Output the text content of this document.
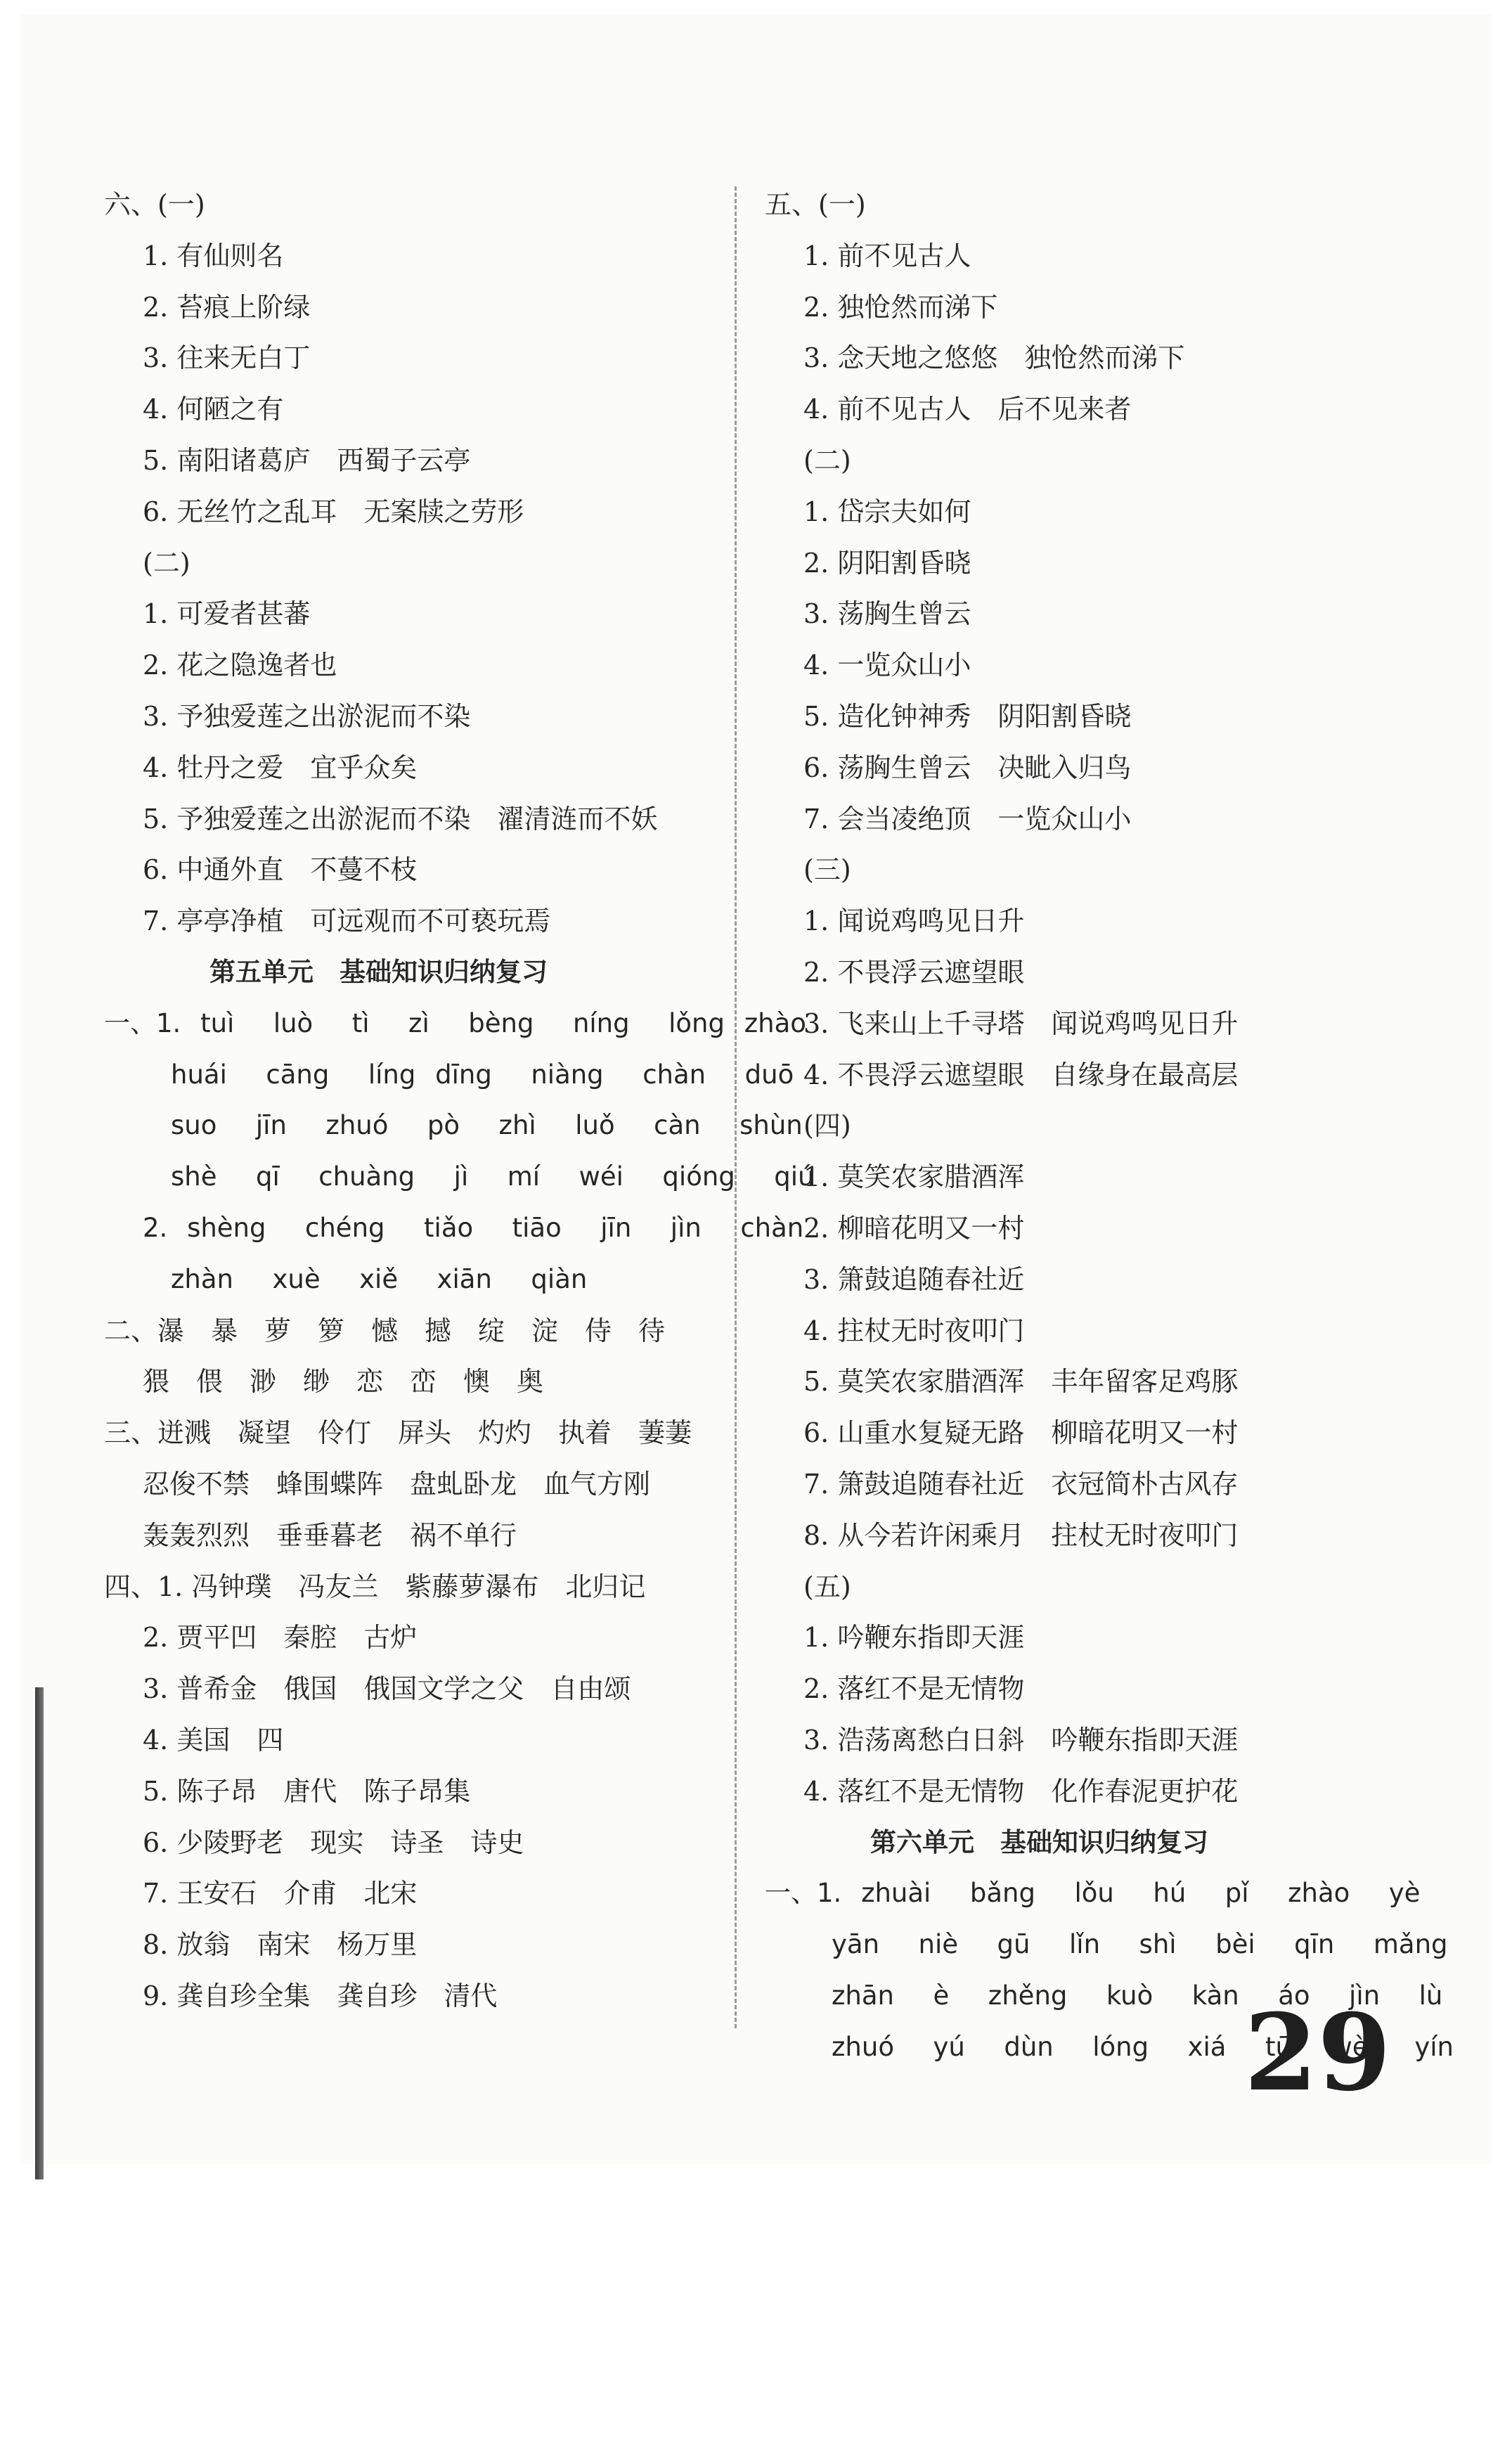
六、(一)
1. 有仙则名
2. 苔痕上阶绿
3. 往来无白丁
4. 何陋之有
5. 南阳诸葛庐　西蜀子云亭
6. 无丝竹之乱耳　无案牍之劳形
(二)
1. 可爱者甚蕃
2. 花之隐逸者也
3. 予独爱莲之出淤泥而不染
4. 牡丹之爱　宜乎众矣
5. 予独爱莲之出淤泥而不染　濯清涟而不妖
6. 中通外直　不蔓不枝
7. 亭亭净植　可远观而不可亵玩焉
第五单元　基础知识归纳复习
一、1. tuì  luò  tì  zì  bèng  níng  lǒng zhào
huái  cāng  líng dīng  niàng  chàn  duō
suo  jīn  zhuó  pò  zhì  luǒ  càn  shùn
shè  qī  chuàng  jì  mí  wéi  qióng  qiú
2. shèng  chéng  tiǎo  tiāo  jīn  jìn  chàn
zhàn  xuè  xiě  xiān  qiàn
二、瀑　暴　萝　箩　憾　撼　绽　淀　侍　待
猥　偎　渺　缈　恋　峦　懊　奥
三、迸溅　凝望　伶仃　屏头　灼灼　执着　萋萋
忍俊不禁　蜂围蝶阵　盘虬卧龙　血气方刚
轰轰烈烈　垂垂暮老　祸不单行
四、1. 冯钟璞　冯友兰　紫藤萝瀑布　北归记
2. 贾平凹　秦腔　古炉
3. 普希金　俄国　俄国文学之父　自由颂
4. 美国　四
5. 陈子昂　唐代　陈子昂集
6. 少陵野老　现实　诗圣　诗史
7. 王安石　介甫　北宋
8. 放翁　南宋　杨万里
9. 龚自珍全集　龚自珍　清代
五、(一)
1. 前不见古人
2. 独怆然而涕下
3. 念天地之悠悠　独怆然而涕下
4. 前不见古人　后不见来者
(二)
1. 岱宗夫如何
2. 阴阳割昏晓
3. 荡胸生曾云
4. 一览众山小
5. 造化钟神秀　阴阳割昏晓
6. 荡胸生曾云　决眦入归鸟
7. 会当凌绝顶　一览众山小
(三)
1. 闻说鸡鸣见日升
2. 不畏浮云遮望眼
3. 飞来山上千寻塔　闻说鸡鸣见日升
4. 不畏浮云遮望眼　自缘身在最高层
(四)
1. 莫笑农家腊酒浑
2. 柳暗花明又一村
3. 箫鼓追随春社近
4. 拄杖无时夜叩门
5. 莫笑农家腊酒浑　丰年留客足鸡豚
6. 山重水复疑无路　柳暗花明又一村
7. 箫鼓追随春社近　衣冠简朴古风存
8. 从今若许闲乘月　拄杖无时夜叩门
(五)
1. 吟鞭东指即天涯
2. 落红不是无情物
3. 浩荡离愁白日斜　吟鞭东指即天涯
4. 落红不是无情物　化作春泥更护花
第六单元　基础知识归纳复习
一、1. zhuài  bǎng  lǒu  hú  pǐ  zhào  yè
yān  niè  gū  lǐn  shì  bèi  qīn  mǎng
zhān  è  zhěng  kuò  kàn  áo  jìn  lù
zhuó  yú  dùn  lóng  xiá  tū  wèi  yín
29
